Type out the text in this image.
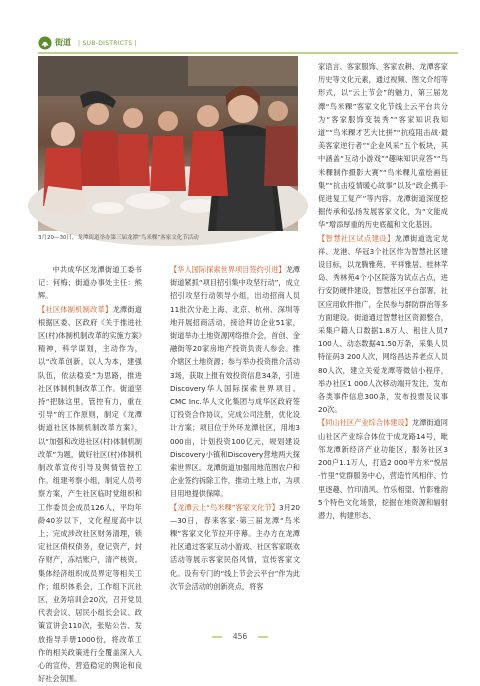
街道 | SUB-DISTRICTS |
3月20—30日，龙潭街道举办第三届龙潭“鸟米粿”客家文化节活动

中共成华区龙潭街道工委书记：何梅；街道办事处主任：熊辉。

【社区体制机制改革】龙潭街道根据区委、区政府《关于推进社区(村)体制机制改革的实施方案》精神，科学谋划，主动作为，以“改革创新，以人为本，建强队伍，依法稳妥”为思路，推进社区体制机制改革工作。街道坚持“把脉这里，管控有力，重在引导”的工作原则，制定《龙潭街道社区体制机制改革方案》，以“加强和改进社区(村)体制机制改革”为题，做好社区(村)体制机制改革宣传引导及舆情管控工作。组建考察小组，制定人员考察方案，产生社区临时党组织和工作委员会成员126人，平均年龄40岁以下，文化程度高中以上；完成涉改社区财务清理，锁定社区债权债务，登记资产，封存财产，冻结账户，清产核资。集体经济组织成员界定等相关工作；组织体系会，工作组下沉社区，业务培训会20次，召开党员代表会议、居民小组长会议、政策宣讲会110次，张贴公告、发放指导手册1000份，将改革工作的相关政策进行全覆盖深入人心的宣传，营造稳定的舆论和良好社会氛围。

【华人国际探索世界项目签约引进】龙潭街道紧抓“项目招引集中攻坚行动”，成立招引攻坚行动领导小组，出动招商人员11批次分赴上海、北京、杭州、深圳等地开展招商活动，接洽拜访企业51家，街道举办土地资源网络推介会，首创、金融街等20家房地产投资负责人参会。推介辖区土地资源；参与举办投资推介活动3场，获取上报有效投资信息34条，引进Discovery华人国际探索世界项目。CMC Inc.华人文化集团与成华区政府签订投资合作协议，完成公司注册，优化设计方案；项目位于外环龙潭社区，用地3 000亩，计划投资100亿元，规划建设Discovery小镇和Discovery营地两大探索世界区。龙潭街道加强用地范围农户和企业签约拆除工作，推动土地上市，为项目用地提供保障。

【龙潭云上“鸟米粿”客家文化节】3月20—30日，春来客家·第三届龙潭“鸟米粿”客家文化节拉开序幕。主办方在龙潭社区通过客家互动小游戏、社区客家联欢活动等展示客家民俗风情，宣传客家文化。设有专门的“线上节会云平台”作为此次节会活动的创新亮点，将客

家语言、客家服饰、客家农耕、龙潭客家历史等文化元素，通过视频、图文介绍等形式，以“云上节会”的魅力，第三届龙潭“鸟米粿”客家文化节线上云平台共分为“客家服饰变装秀”“客家知识我知道”“鸟米粿才艺大比拼”“抗疫阻击战·最美客家逆行者”“企业风采”五个板块，其中涵盖“互动小游戏”“趣味知识竞答”“鸟米粿制作摄影大赛”“鸟米粿儿童绘画征集”“抗击疫情暖心故事”以及“政企携手·促进复工复产”等内容。龙潭街道深度挖掘传承和弘扬发展客家文化，为“文能成华”增添厚重的历史底蕴和文化基因。

【智慧社区试点建设】龙潭街道选定龙祥、龙港、华冠3个社区作为智慧社区建设目标，以龙腾雅苑、平祥雅居、桂林苹岛、秀林苑4个小区院落为试点占点，进行安防硬件建设，智慧社区平台部署，社区应用软件推广，全民参与群防群治等多方面建设。街道通过智慧社区资源整合，采集户籍人口数据1.8万人、租住人员7 100人、动态数据41.50万条，采集人员特征码3 200人次，网络昌达养老点人员80人次，建立关爱龙潭等微信小程序，举办社区1 000人次移动端开发注，发布各类事件信息300条，发布投票及议事20次。

【同山社区产业综合体建设】龙潭街道同山社区产业综合体位于成龙路14号，毗邻龙潭新经济产业功能区，服务社区3 200户1.1万人，打造2 000平方米“悦居·竹里”党群服务中心，营造竹风相伴、竹里逐趣、竹印清风、竹乐相望、竹影雅韵5个特色文化场景，挖掘在地资源和辐射潜力，构建形态、

456
